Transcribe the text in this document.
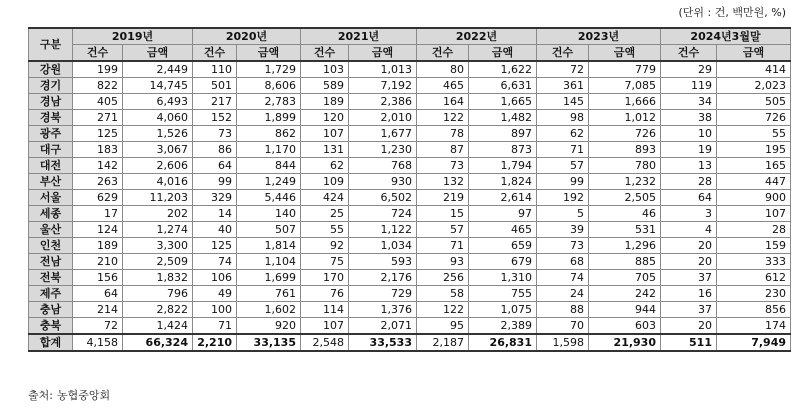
(단위 : 건, 백만원, %)
구분	2019년		2020년		2021년		2022년		2023년		2024년3월말	
	건수	금액	건수	금액	건수	금액	건수	금액	건수	금액	건수	금액
강원	199	2,449	110	1,729	103	1,013	80	1,622	72	779	29	414
경기	822	14,745	501	8,606	589	7,192	465	6,631	361	7,085	119	2,023
경남	405	6,493	217	2,783	189	2,386	164	1,665	145	1,666	34	505
경북	271	4,060	152	1,899	120	2,010	122	1,482	98	1,012	38	726
광주	125	1,526	73	862	107	1,677	78	897	62	726	10	55
대구	183	3,067	86	1,170	131	1,230	87	873	71	893	19	195
대전	142	2,606	64	844	62	768	73	1,794	57	780	13	165
부산	263	4,016	99	1,249	109	930	132	1,824	99	1,232	28	447
서울	629	11,203	329	5,446	424	6,502	219	2,614	192	2,505	64	900
세종	17	202	14	140	25	724	15	97	5	46	3	107
울산	124	1,274	40	507	55	1,122	57	465	39	531	4	28
인천	189	3,300	125	1,814	92	1,034	71	659	73	1,296	20	159
전남	210	2,509	74	1,104	75	593	93	679	68	885	20	333
전북	156	1,832	106	1,699	170	2,176	256	1,310	74	705	37	612
제주	64	796	49	761	76	729	58	755	24	242	16	230
충남	214	2,822	100	1,602	114	1,376	122	1,075	88	944	37	856
충북	72	1,424	71	920	107	2,071	95	2,389	70	603	20	174
합계	4,158	66,324	2,210	33,135	2,548	33,533	2,187	26,831	1,598	21,930	511	7,949
출처: 농협중앙회
